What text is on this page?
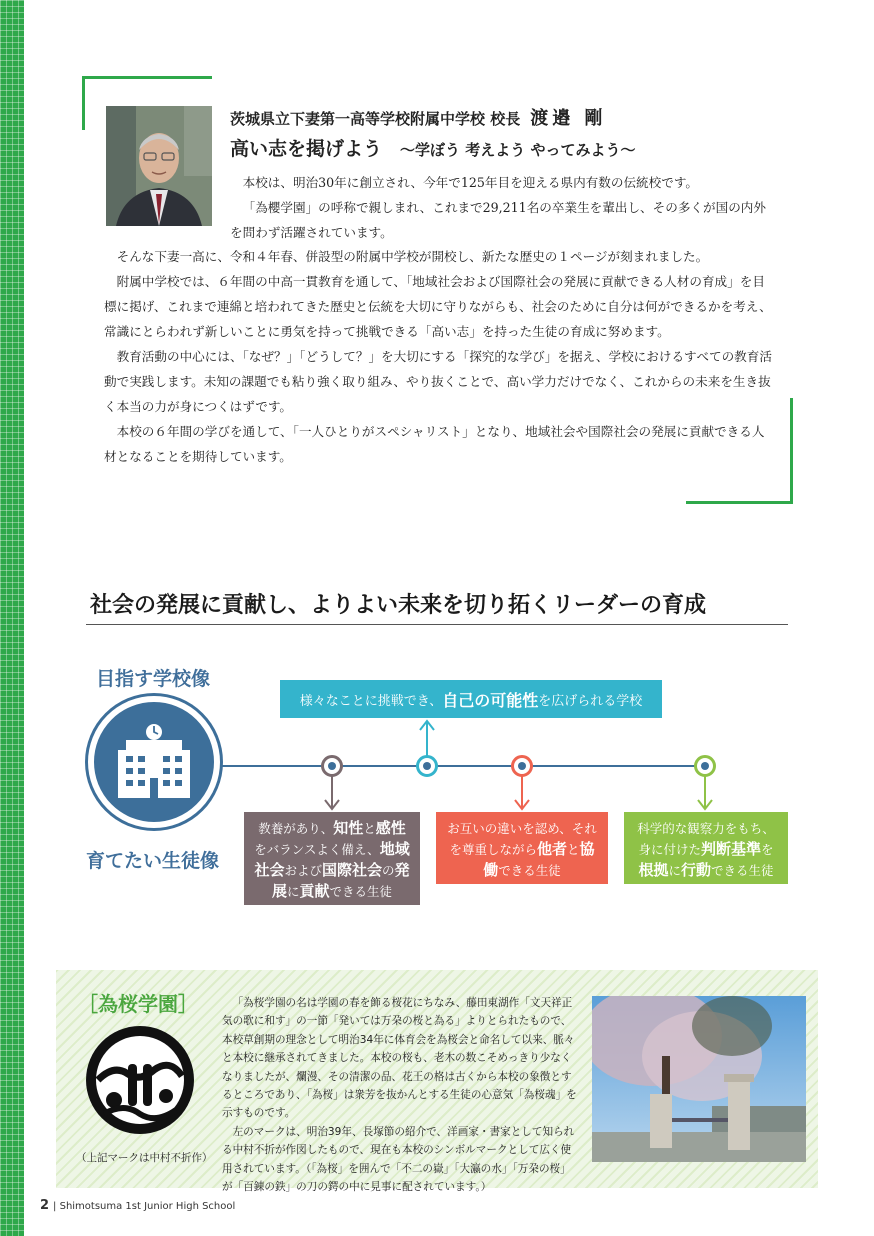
茨城県立下妻第一高等学校附属中学校 校長 渡邉 剛
高い志を掲げよう ～学ぼう 考えよう やってみよう～

本校は、明治30年に創立され、今年で125年目を迎える県内有数の伝統校です。

「為櫻学園」の呼称で親しまれ、これまで29,211名の卒業生を輩出し、その多くが国の内外を問わず活躍されています。

そんな下妻一高に、令和４年春、併設型の附属中学校が開校し、新たな歴史の１ページが刻まれました。

附属中学校では、６年間の中高一貫教育を通して、「地域社会および国際社会の発展に貢献できる人材の育成」を目標に掲げ、これまで連綿と培われてきた歴史と伝統を大切に守りながらも、社会のために自分は何ができるかを考え、常識にとらわれず新しいことに勇気を持って挑戦できる「高い志」を持った生徒の育成に努めます。

教育活動の中心には、「なぜ？」「どうして？」を大切にする「探究的な学び」を据え、学校におけるすべての教育活動で実践します。未知の課題でも粘り強く取り組み、やり抜くことで、高い学力だけでなく、これからの未来を生き抜く本当の力が身につくはずです。

本校の６年間の学びを通して、「一人ひとりがスペシャリスト」となり、地域社会や国際社会の発展に貢献できる人材となることを期待しています。

社会の発展に貢献し、よりよい未来を切り拓くリーダーの育成
目指す学校像
育てたい生徒像
様々なことに挑戦でき、 自己の可能性 を広げられる学校
教養があり、知性と感性をバランスよく備え、地域社会および国際社会の発展に貢献できる生徒
お互いの違いを認め、それを尊重しながら他者と協働できる生徒
科学的な観察力をもち、身に付けた判断基準を根拠に行動できる生徒
［為桜学園］
（上記マークは中村不折作）

「為桜学園の名は学園の春を飾る桜花にちなみ、藤田東湖作「文天祥正気の歌に和す」の一節「発いては万朶の桜と為る」よりとられたもので、本校草創期の理念として明治34年に体育会を為桜会と命名して以来、脈々と本校に継承されてきました。本校の桜も、老木の数こそめっきり少なくなりましたが、爛漫、その清潔の品、花王の格は古くから本校の象徴とするところであり、「為桜」は衆芳を抜かんとする生徒の心意気「為桜魂」を示すものです。

左のマークは、明治39年、長塚節の紹介で、洋画家・書家として知られる中村不折が作図したもので、現在も本校のシンボルマークとして広く使用されています。（「為桜」を囲んで「不二の嶽」「大瀛の水」「万朶の桜」が「百錬の鉄」の刀の鍔の中に見事に配されています。）

2 | Shimotsuma 1st Junior High School
